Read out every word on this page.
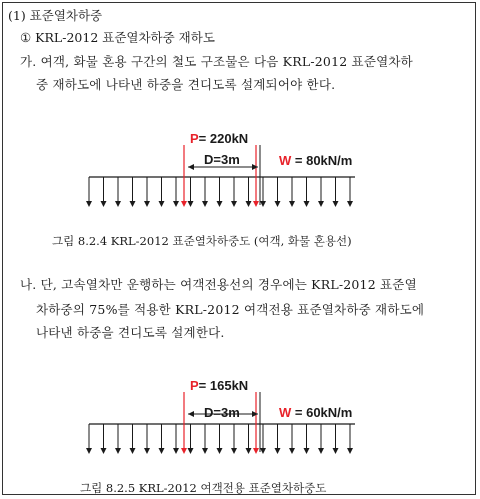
(1) 표준열차하중
① KRL-2012 표준열차하중 재하도
가. 여객, 화물 혼용 구간의 철도 구조물은 다음 KRL-2012 표준열차하
중 재하도에 나타낸 하중을 견디도록 설계되어야 한다.
P= 220kN
D=3m	W = 80kN/m
그림 8.2.4 KRL-2012 표준열차하중도 (여객, 화물 혼용선)
나. 단, 고속열차만 운행하는 여객전용선의 경우에는 KRL-2012 표준열
차하중의 75%를 적용한 KRL-2012 여객전용 표준열차하중 재하도에
나타낸 하중을 견디도록 설계한다.
P= 165kN
D=3m	W = 60kN/m
그림 8.2.5 KRL-2012 여객전용 표준열차하중도
